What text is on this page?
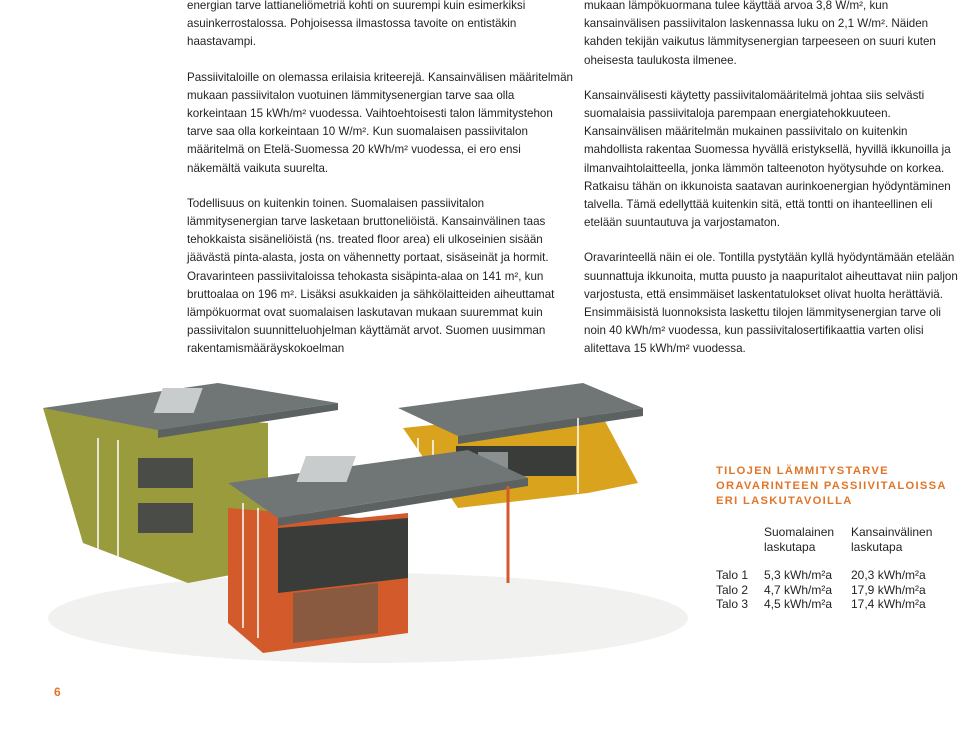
energian tarve lattianeliömetriä kohti on suurempi kuin esimerkiksi asuinkerrostalossa. Pohjoisessa ilmastossa tavoite on entistäkin haastavampi.

Passiivitaloille on olemassa erilaisia kriteerejä. Kansainvälisen määritelmän mukaan passiivitalon vuotuinen lämmitysenergian tarve saa olla korkeintaan 15 kWh/m² vuodessa. Vaihtoehtoisesti talon lämmitystehon tarve saa olla korkeintaan 10 W/m². Kun suomalaisen passiivitalon määritelmä on Etelä-Suomessa 20 kWh/m² vuodessa, ei ero ensi näkemältä vaikuta suurelta.

Todellisuus on kuitenkin toinen. Suomalaisen passiivitalon lämmitysenergian tarve lasketaan bruttoneliöistä. Kansainvälinen taas tehokkaista sisäneliöistä (ns. treated floor area) eli ulkoseinien sisään jäävästä pinta-alasta, josta on vähennetty portaat, sisäseinät ja hormit. Oravarinteen passiivitaloissa tehokasta sisäpinta-alaa on 141 m², kun bruttoalaa on 196 m². Lisäksi asukkaiden ja sähkölaitteiden aiheuttamat lämpökuormat ovat suomalaisen laskutavan mukaan suuremmat kuin passiivitalon suunnitteluohjelman käyttämät arvot. Suomen uusimman rakentamismääräyskokoelman

mukaan lämpökuormana tulee käyttää arvoa 3,8 W/m², kun kansainvälisen passiivitalon laskennassa luku on 2,1 W/m². Näiden kahden tekijän vaikutus lämmitysenergian tarpeeseen on suuri kuten oheisesta taulukosta ilmenee.

Kansainvälisesti käytetty passiivitalomääritelmä johtaa siis selvästi suomalaisia passiivitaloja parempaan energiatehokkuuteen. Kansainvälisen määritelmän mukainen passiivitalo on kuitenkin mahdollista rakentaa Suomessa hyvällä eristyksellä, hyvillä ikkunoilla ja ilmanvaihtolaitteella, jonka lämmön talteenoton hyötysuhde on korkea. Ratkaisu tähän on ikkunoista saatavan aurinkoenergian hyödyntäminen talvella. Tämä edellyttää kuitenkin sitä, että tontti on ihanteellinen eli etelään suuntautuva ja varjostamaton.

Oravarinteellä näin ei ole. Tontilla pystytään kyllä hyödyntämään etelään suunnattuja ikkunoita, mutta puusto ja naapuritalot aiheuttavat niin paljon varjostusta, että ensimmäiset laskentatulokset olivat huolta herättäviä. Ensimmäisistä luonnoksista laskettu tilojen lämmitysenergian tarve oli noin 40 kWh/m² vuodessa, kun passiivitalosertifikaattia varten olisi alitettava 15 kWh/m² vuodessa.

TILOJEN LÄMMITYSTARVE ORAVARINTEEN PASSIIVITALOISSA ERI LASKUTAVOILLA
	Suomalainen laskutapa	Kansainvälinen laskutapa
Talo 1	5,3 kWh/m²a	20,3 kWh/m²a
Talo 2	4,7 kWh/m²a	17,9 kWh/m²a
Talo 3	4,5 kWh/m²a	17,4 kWh/m²a
6
